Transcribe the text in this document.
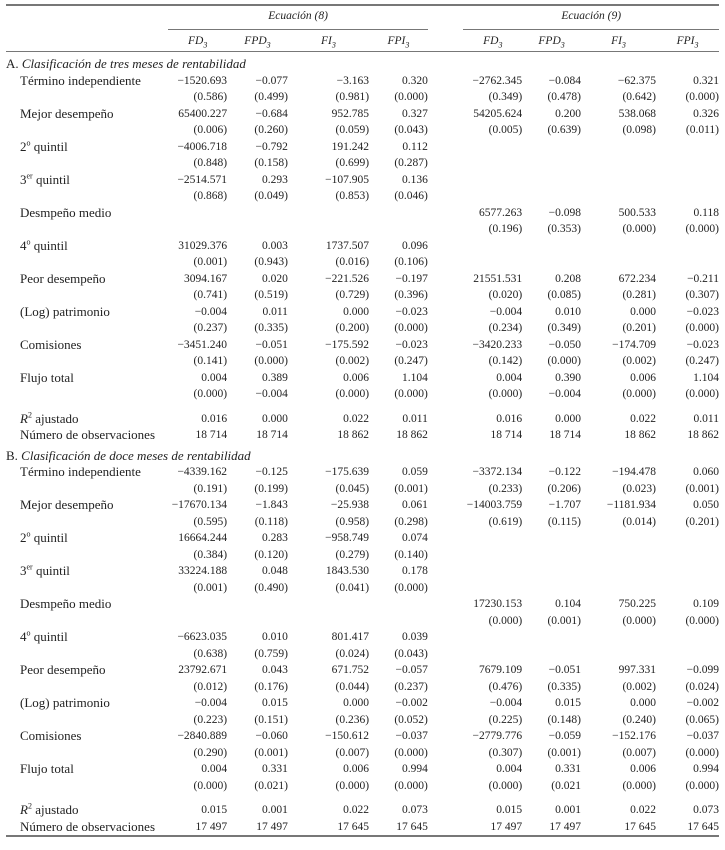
	Ecuación (8)					Ecuación (9)			

	$FD_3$	$FPD_3$	$FI_3$	$FPI_3$		$FD_3$	$FPD_3$	$FI_3$	$FPI_3$
A. Clasificación de tres meses de rentabilidad									
Término independiente	−1520.693	−0.077	−3.163	0.320		−2762.345	−0.084	−62.375	0.321
	(0.586)	(0.499)	(0.981)	(0.000)		(0.349)	(0.478)	(0.642)	(0.000)
Mejor desempeño	65400.227	−0.684	952.785	0.327		54205.624	0.200	538.068	0.326
	(0.006)	(0.260)	(0.059)	(0.043)		(0.005)	(0.639)	(0.098)	(0.011)
2$^o$ quintil	−4006.718	−0.792	191.242	0.112					
	(0.848)	(0.158)	(0.699)	(0.287)					
3er quintil	−2514.571	0.293	−107.905	0.136					
	(0.868)	(0.049)	(0.853)	(0.046)					
Desmpeño medio						6577.263	−0.098	500.533	0.118
						(0.196)	(0.353)	(0.000)	(0.000)
4$^o$ quintil	31029.376	0.003	1737.507	0.096					
	(0.001)	(0.943)	(0.016)	(0.106)					
Peor desempeño	3094.167	0.020	−221.526	−0.197		21551.531	0.208	672.234	−0.211
	(0.741)	(0.519)	(0.729)	(0.396)		(0.020)	(0.085)	(0.281)	(0.307)
(Log) patrimonio	−0.004	0.011	0.000	−0.023		−0.004	0.010	0.000	−0.023
	(0.237)	(0.335)	(0.200)	(0.000)		(0.234)	(0.349)	(0.201)	(0.000)
Comisiones	−3451.240	−0.051	−175.592	−0.023		−3420.233	−0.050	−174.709	−0.023
	(0.141)	(0.000)	(0.002)	(0.247)		(0.142)	(0.000)	(0.002)	(0.247)
Flujo total	0.004	0.389	0.006	1.104		0.004	0.390	0.006	1.104
	(0.000)	−0.004	(0.000)	(0.000)		(0.000)	−0.004	(0.000)	(0.000)

$R^2$ ajustado	0.016	0.000	0.022	0.011		0.016	0.000	0.022	0.011
Número de observaciones	18 714	18 714	18 862	18 862		18 714	18 714	18 862	18 862
B. Clasificación de doce meses de rentabilidad									
Término independiente	−4339.162	−0.125	−175.639	0.059		−3372.134	−0.122	−194.478	0.060
	(0.191)	(0.199)	(0.045)	(0.001)		(0.233)	(0.206)	(0.023)	(0.001)
Mejor desempeño	−17670.134	−1.843	−25.938	0.061		−14003.759	−1.707	−1181.934	0.050
	(0.595)	(0.118)	(0.958)	(0.298)		(0.619)	(0.115)	(0.014)	(0.201)
2$^o$ quintil	16664.244	0.283	−958.749	0.074					
	(0.384)	(0.120)	(0.279)	(0.140)					
3er quintil	33224.188	0.048	1843.530	0.178					
	(0.001)	(0.490)	(0.041)	(0.000)					
Desmpeño medio						17230.153	0.104	750.225	0.109
						(0.000)	(0.001)	(0.000)	(0.000)
4$^o$ quintil	−6623.035	0.010	801.417	0.039					
	(0.638)	(0.759)	(0.024)	(0.043)					
Peor desempeño	23792.671	0.043	671.752	−0.057		7679.109	−0.051	997.331	−0.099
	(0.012)	(0.176)	(0.044)	(0.237)		(0.476)	(0.335)	(0.002)	(0.024)
(Log) patrimonio	−0.004	0.015	0.000	−0.002		−0.004	0.015	0.000	−0.002
	(0.223)	(0.151)	(0.236)	(0.052)		(0.225)	(0.148)	(0.240)	(0.065)
Comisiones	−2840.889	−0.060	−150.612	−0.037		−2779.776	−0.059	−152.176	−0.037
	(0.290)	(0.001)	(0.007)	(0.000)		(0.307)	(0.001)	(0.007)	(0.000)
Flujo total	0.004	0.331	0.006	0.994		0.004	0.331	0.006	0.994
	(0.000)	(0.021)	(0.000)	(0.000)		(0.000)	(0.021	(0.000)	(0.000)

$R^2$ ajustado	0.015	0.001	0.022	0.073		0.015	0.001	0.022	0.073
Número de observaciones	17 497	17 497	17 645	17 645		17 497	17 497	17 645	17 645
